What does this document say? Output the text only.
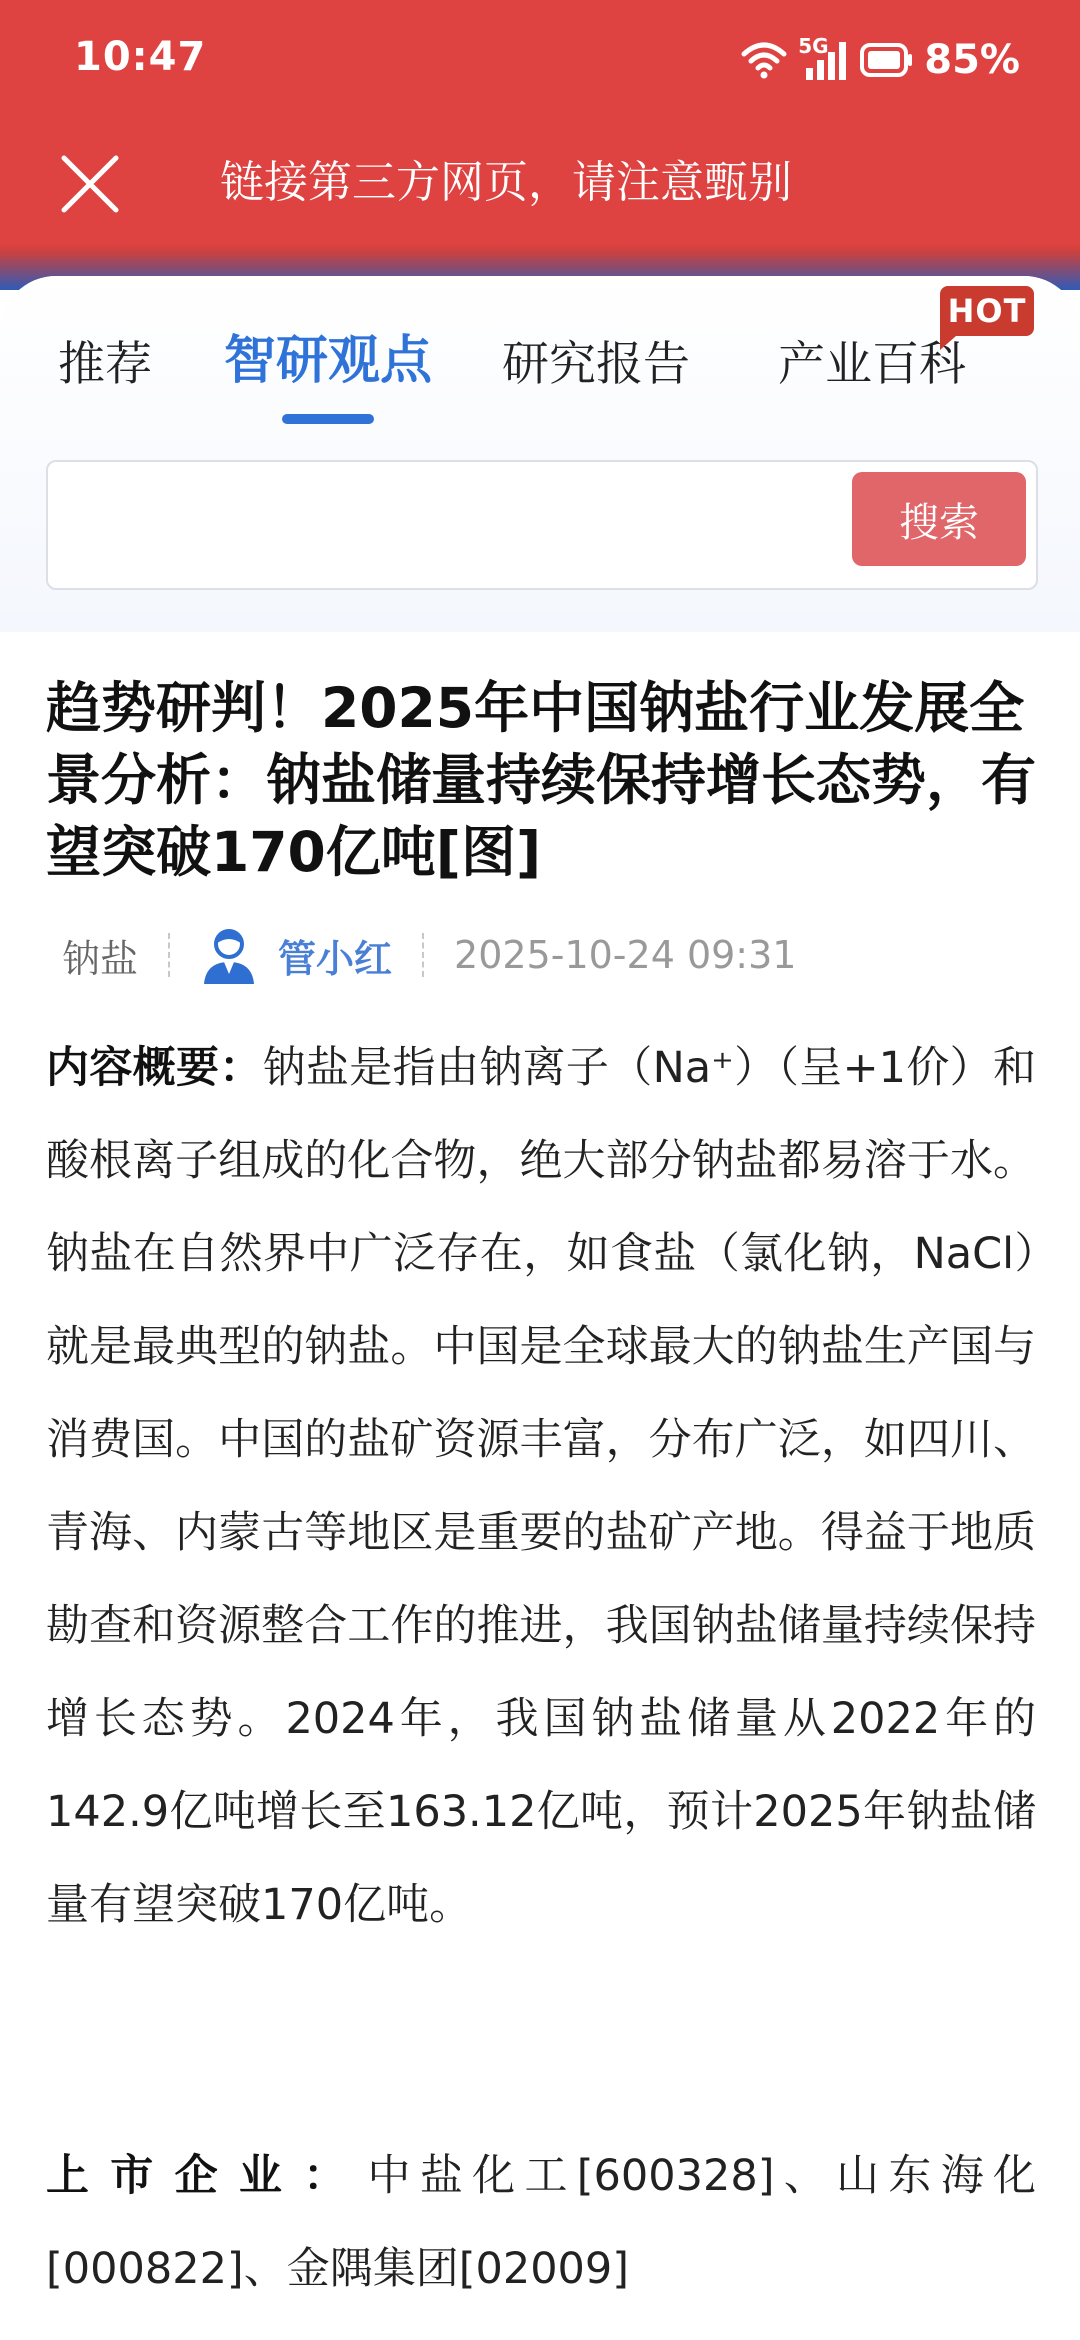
10:47	5G 85%
链接第三方网页，请注意甄别
推荐 智研观点 研究报告 产业百科
HOT
搜索
趋势研判！2025年中国钠盐行业发展全景分析：钠盐储量持续保持增长态势，有望突破170亿吨[图]
钠盐	管小红 2025-10-24 09:31
内容概要：钠盐是指由钠离子（Na⁺）（呈+1价）和酸根离子组成的化合物，绝大部分钠盐都易溶于水。钠盐在自然界中广泛存在，如食盐（氯化钠，NaCl）就是最典型的钠盐。中国是全球最大的钠盐生产国与消费国。中国的盐矿资源丰富，分布广泛，如四川、青海、内蒙古等地区是重要的盐矿产地。得益于地质勘查和资源整合工作的推进，我国钠盐储量持续保持增长态势。2024年，我国钠盐储量从2022年的142.9亿吨增长至163.12亿吨，预计2025年钠盐储量有望突破170亿吨。
上市企业：中盐化工[600328]、山东海化[000822]、金隅集团[02009]
